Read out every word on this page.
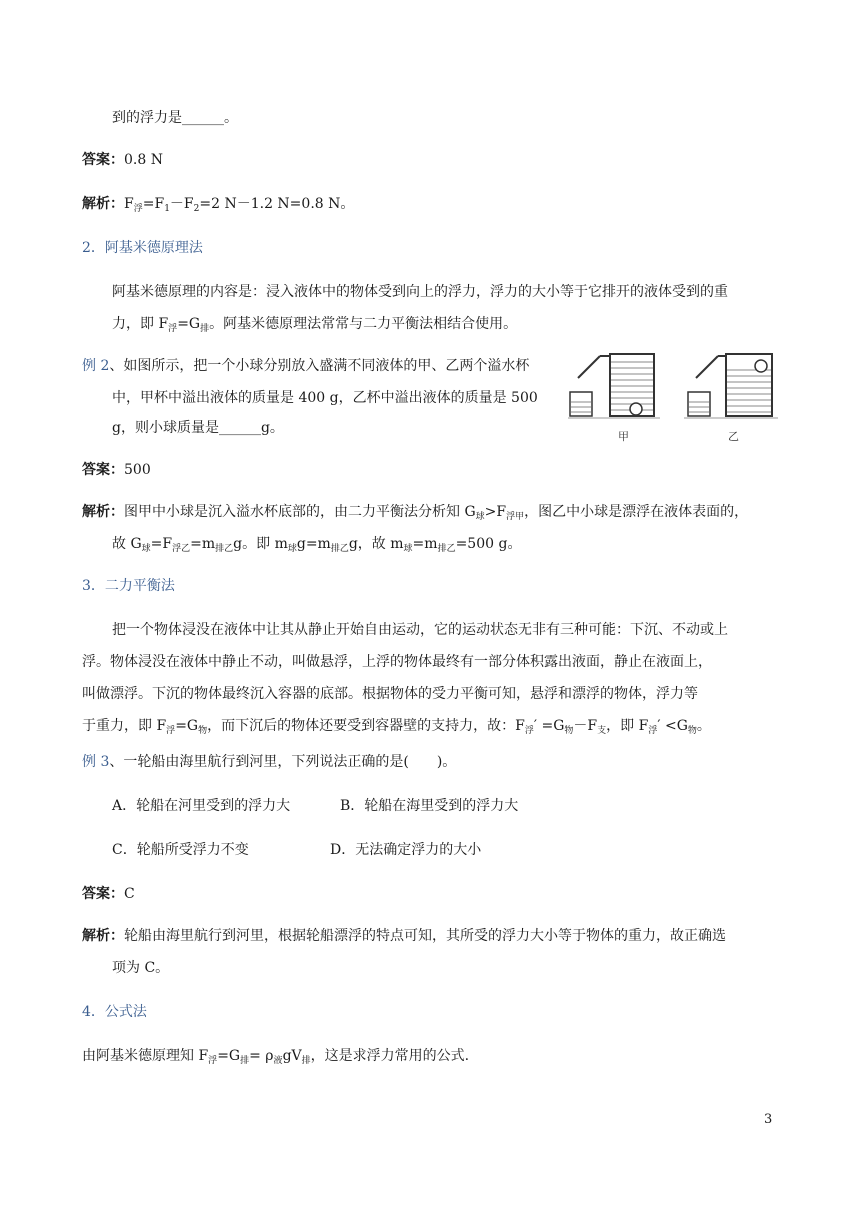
到的浮力是______。
答案：0.8 N
解析：$F_浮=F_1-F_2=2$ N－1.2 N=0.8 N。
2．阿基米德原理法
阿基米德原理的内容是：浸入液体中的物体受到向上的浮力，浮力的大小等于它排开的液体受到的重
力，即 $F_浮=G_排$。阿基米德原理法常常与二力平衡法相结合使用。
例 2、如图所示，把一个小球分别放入盛满不同液体的甲、乙两个溢水杯
中，甲杯中溢出液体的质量是 400 g，乙杯中溢出液体的质量是 500
g，则小球质量是______g。
甲	乙
答案：500
解析：图甲中小球是沉入溢水杯底部的，由二力平衡法分析知 $G_球>F_{浮甲}$，图乙中小球是漂浮在液体表面的，
故 $G_球=F_{浮乙}=m_{排乙}g$。即 $m_球g=m_{排乙}g$，故 $m_球=m_{排乙}=500$ g。
3．二力平衡法
把一个物体浸没在液体中让其从静止开始自由运动，它的运动状态无非有三种可能：下沉、不动或上
浮。物体浸没在液体中静止不动，叫做悬浮，上浮的物体最终有一部分体积露出液面，静止在液面上，
叫做漂浮。下沉的物体最终沉入容器的底部。根据物体的受力平衡可知，悬浮和漂浮的物体，浮力等
于重力，即 $F_浮=G_物$，而下沉后的物体还要受到容器壁的支持力，故：$F_浮' =G_物-F_支$，即 $F_浮' <G_物$。
例 3、一轮船由海里航行到河里，下列说法正确的是(　　)。
A．轮船在河里受到的浮力大	B．轮船在海里受到的浮力大
C．轮船所受浮力不变	D．无法确定浮力的大小
答案：C
解析：轮船由海里航行到河里，根据轮船漂浮的特点可知，其所受的浮力大小等于物体的重力，故正确选
项为 C。
4．公式法
由阿基米德原理知 $F_浮=G_排= \rho_液gV_排$，这是求浮力常用的公式.
3
